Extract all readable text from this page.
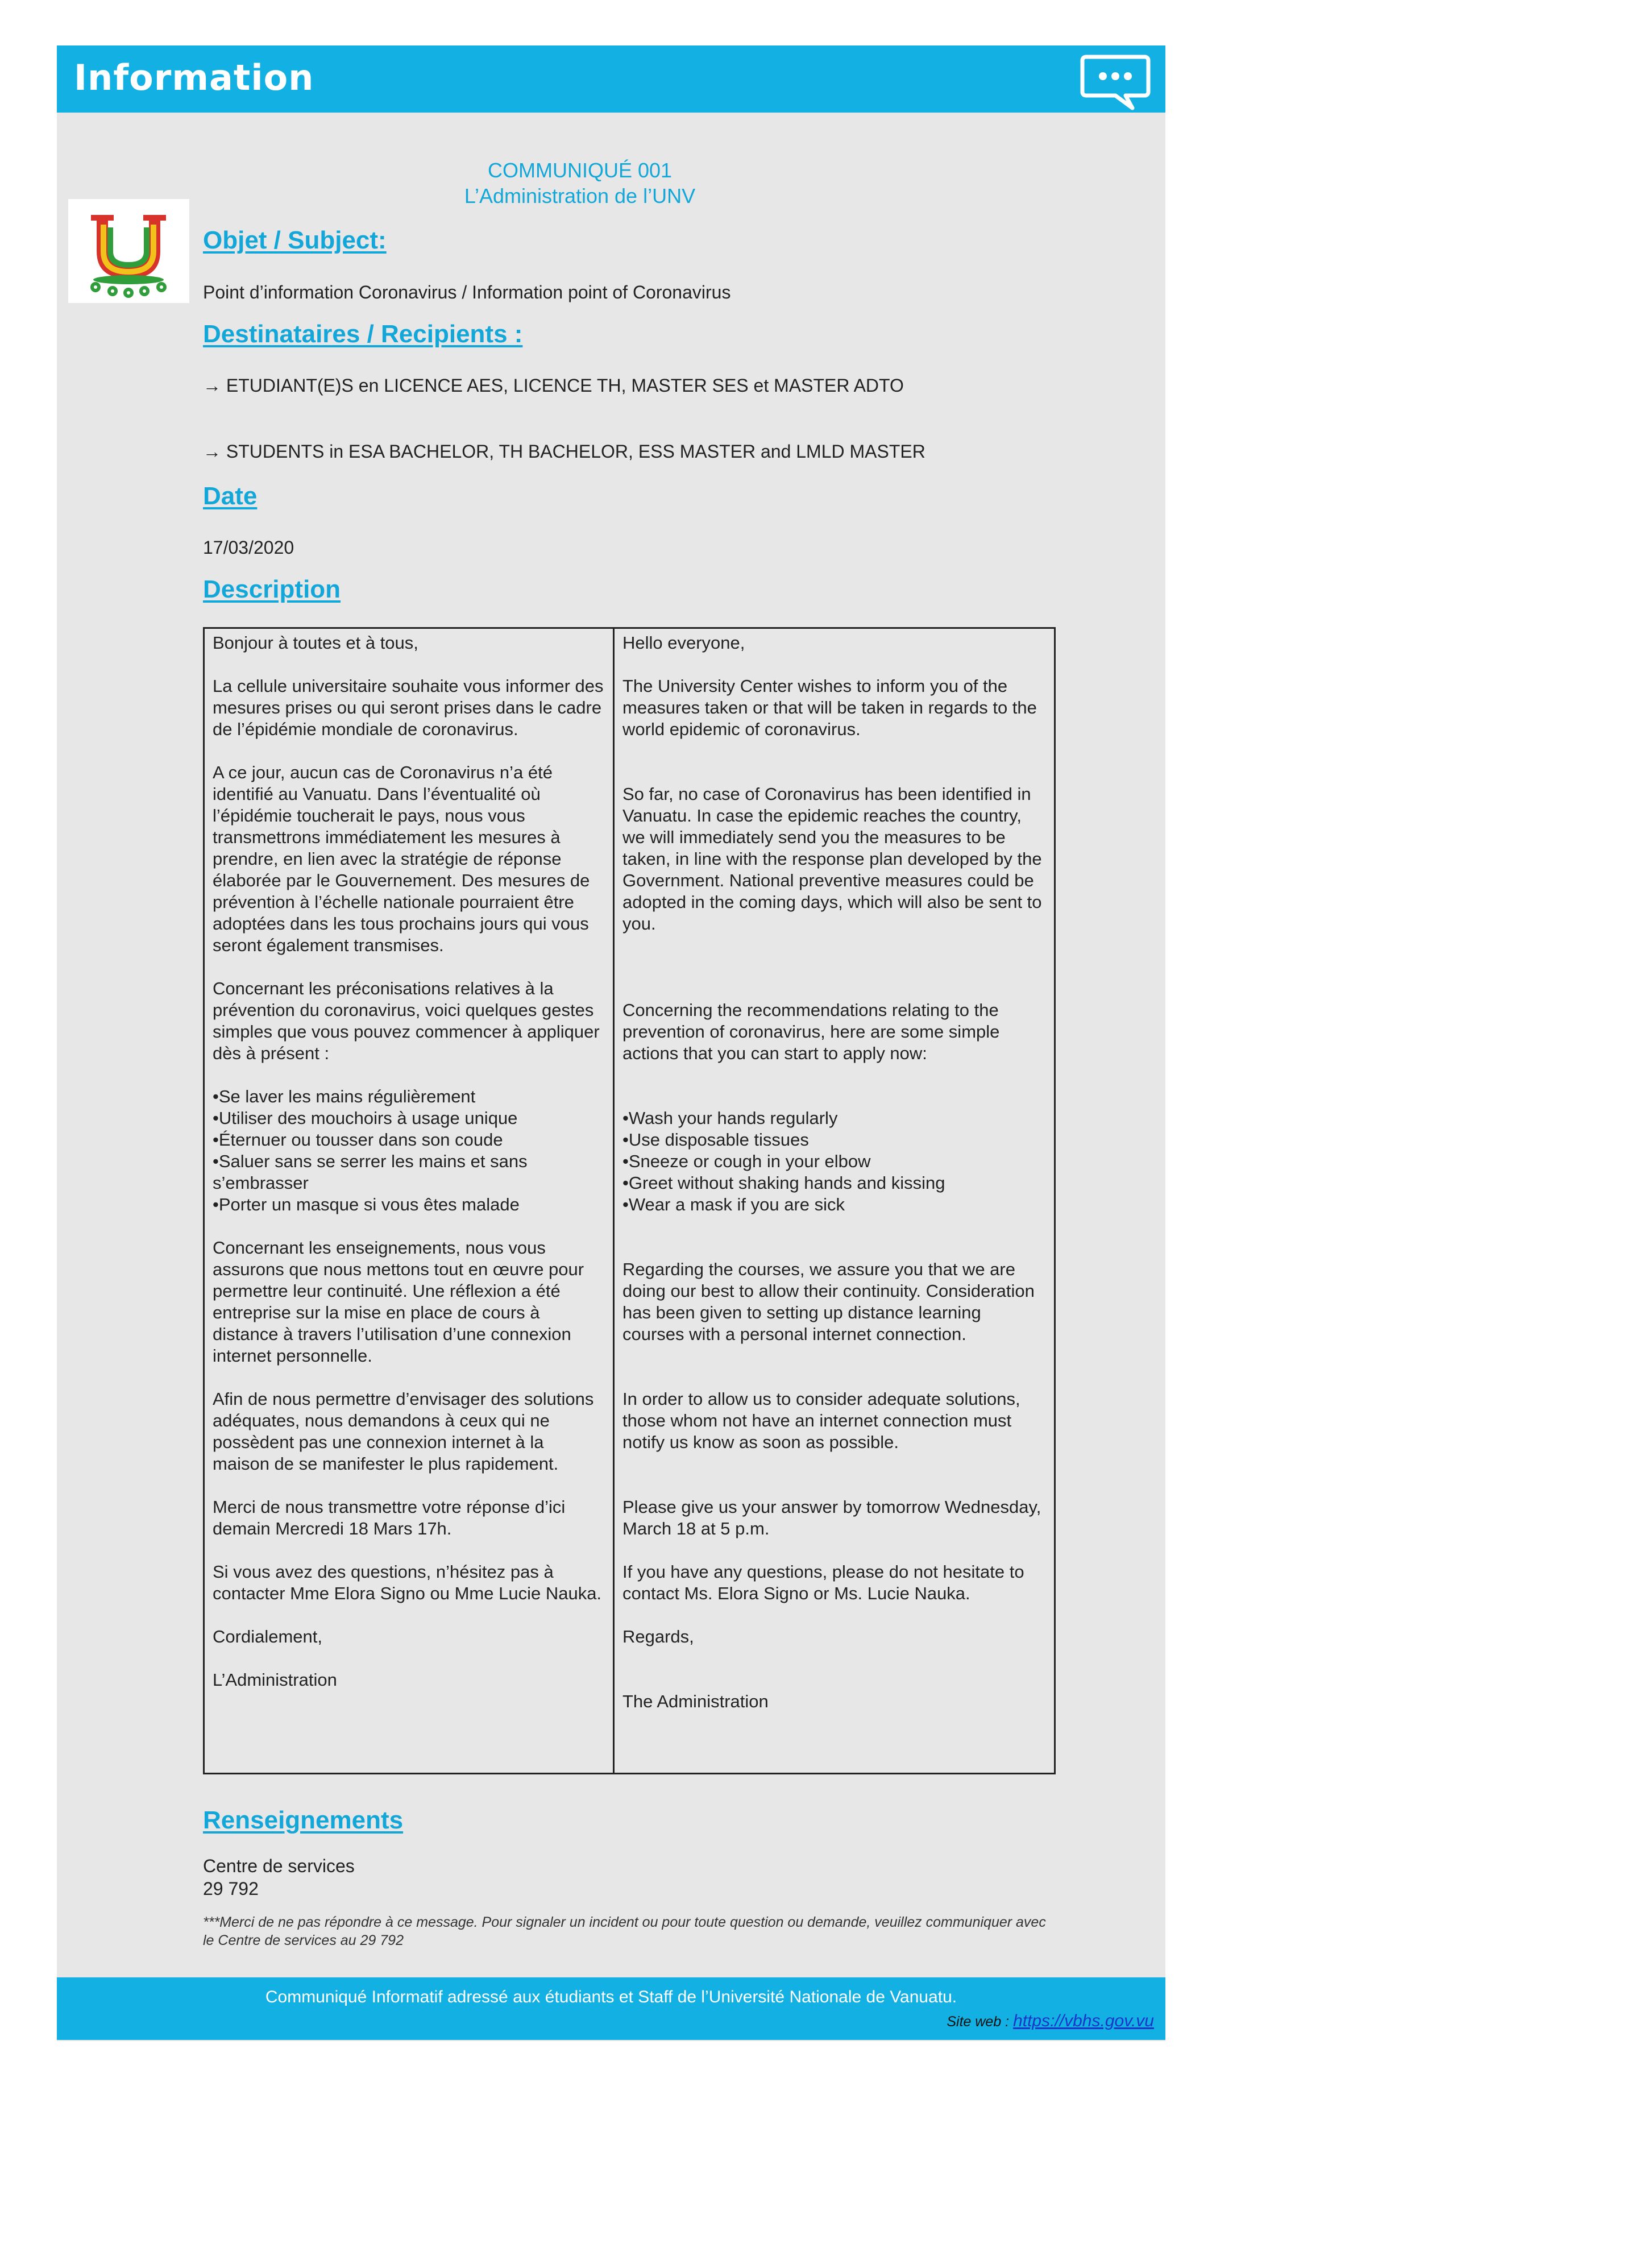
Information
COMMUNIQUÉ 001
L’Administration de l’UNV
Objet / Subject:
Point d’information Coronavirus / Information point of Coronavirus
Destinataires / Recipients :
→ ETUDIANT(E)S en LICENCE AES, LICENCE TH, MASTER SES et MASTER ADTO
→ STUDENTS in ESA BACHELOR, TH BACHELOR, ESS MASTER and LMLD MASTER
Date
17/03/2020
Description

Bonjour à toutes et à tous,

La cellule universitaire souhaite vous informer des mesures prises ou qui seront prises dans le cadre de l’épidémie mondiale de coronavirus.

A ce jour, aucun cas de Coronavirus n’a été identifié au Vanuatu. Dans l’éventualité où l’épidémie toucherait le pays, nous vous transmettrons immédiatement les mesures à prendre, en lien avec la stratégie de réponse élaborée par le Gouvernement. Des mesures de prévention à l’échelle nationale pourraient être adoptées dans les tous prochains jours qui vous seront également transmises.

Concernant les préconisations relatives à la prévention du coronavirus, voici quelques gestes simples que vous pouvez commencer à appliquer dès à présent :

• Se laver les mains régulièrement
• Utiliser des mouchoirs à usage unique
• Éternuer ou tousser dans son coude
• Saluer sans se serrer les mains et sans s’embrasser
• Porter un masque si vous êtes malade

Concernant les enseignements, nous vous assurons que nous mettons tout en œuvre pour permettre leur continuité. Une réflexion a été entreprise sur la mise en place de cours à distance à travers l’utilisation d’une connexion internet personnelle.

Afin de nous permettre d’envisager des solutions adéquates, nous demandons à ceux qui ne possèdent pas une connexion internet à la maison de se manifester le plus rapidement.

Merci de nous transmettre votre réponse d’ici demain Mercredi 18 Mars 17h.

Si vous avez des questions, n’hésitez pas à contacter Mme Elora Signo ou Mme Lucie Nauka.

Cordialement,

L’Administration

Hello everyone,

The University Center wishes to inform you of the measures taken or that will be taken in regards to the world epidemic of coronavirus.

So far, no case of Coronavirus has been identified in Vanuatu. In case the epidemic reaches the country, we will immediately send you the measures to be taken, in line with the response plan developed by the Government. National preventive measures could be adopted in the coming days, which will also be sent to you.

Concerning the recommendations relating to the prevention of coronavirus, here are some simple actions that you can start to apply now:

• Wash your hands regularly
• Use disposable tissues
• Sneeze or cough in your elbow
• Greet without shaking hands and kissing
• Wear a mask if you are sick

Regarding the courses, we assure you that we are doing our best to allow their continuity. Consideration has been given to setting up distance learning courses with a personal internet connection.

In order to allow us to consider adequate solutions, those whom not have an internet connection must notify us know as soon as possible.

Please give us your answer by tomorrow Wednesday, March 18 at 5 p.m.

If you have any questions, please do not hesitate to contact Ms. Elora Signo or Ms. Lucie Nauka.

Regards,

The Administration

Renseignements
Centre de services
29 792
***Merci de ne pas répondre à ce message. Pour signaler un incident ou pour toute question ou demande, veuillez communiquer avec le Centre de services au 29 792
Communiqué Informatif adressé aux étudiants et Staff de l’Université Nationale de Vanuatu.
Site web : https://vbhs.gov.vu
